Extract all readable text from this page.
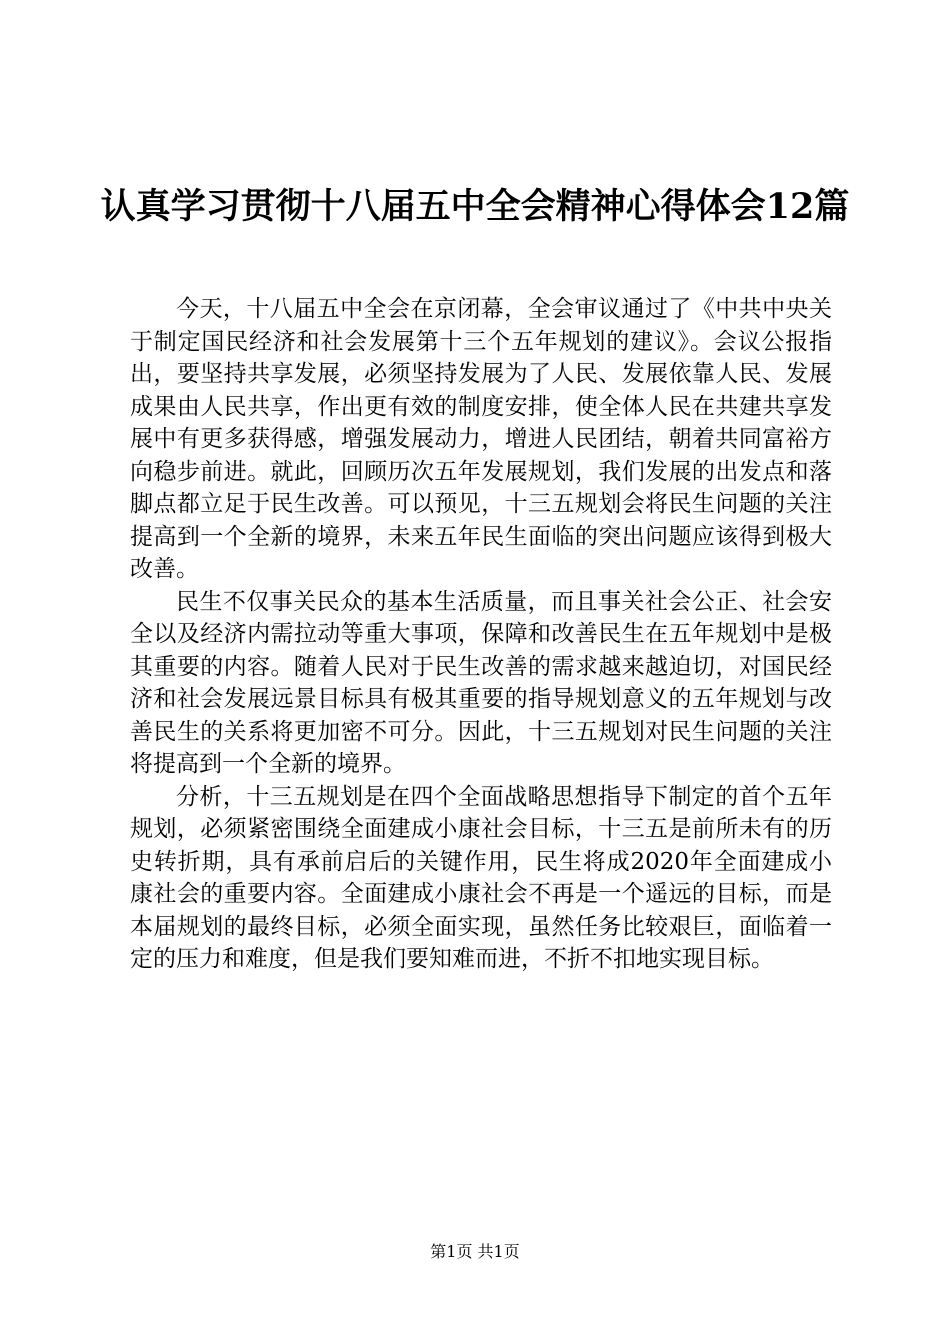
认真学习贯彻十八届五中全会精神心得体会12篇

今天，十八届五中全会在京闭幕，全会审议通过了《中共中央关于制定国民经济和社会发展第十三个五年规划的建议》。会议公报指出，要坚持共享发展，必须坚持发展为了人民、发展依靠人民、发展成果由人民共享，作出更有效的制度安排，使全体人民在共建共享发展中有更多获得感，增强发展动力，增进人民团结，朝着共同富裕方向稳步前进。就此，回顾历次五年发展规划，我们发展的出发点和落脚点都立足于民生改善。可以预见，十三五规划会将民生问题的关注提高到一个全新的境界，未来五年民生面临的突出问题应该得到极大改善。

民生不仅事关民众的基本生活质量，而且事关社会公正、社会安全以及经济内需拉动等重大事项，保障和改善民生在五年规划中是极其重要的内容。随着人民对于民生改善的需求越来越迫切，对国民经济和社会发展远景目标具有极其重要的指导规划意义的五年规划与改善民生的关系将更加密不可分。因此，十三五规划对民生问题的关注将提高到一个全新的境界。

分析，十三五规划是在四个全面战略思想指导下制定的首个五年规划，必须紧密围绕全面建成小康社会目标，十三五是前所未有的历史转折期，具有承前启后的关键作用，民生将成2020年全面建成小康社会的重要内容。全面建成小康社会不再是一个遥远的目标，而是本届规划的最终目标，必须全面实现，虽然任务比较艰巨，面临着一定的压力和难度，但是我们要知难而进，不折不扣地实现目标。

第1页 共1页
